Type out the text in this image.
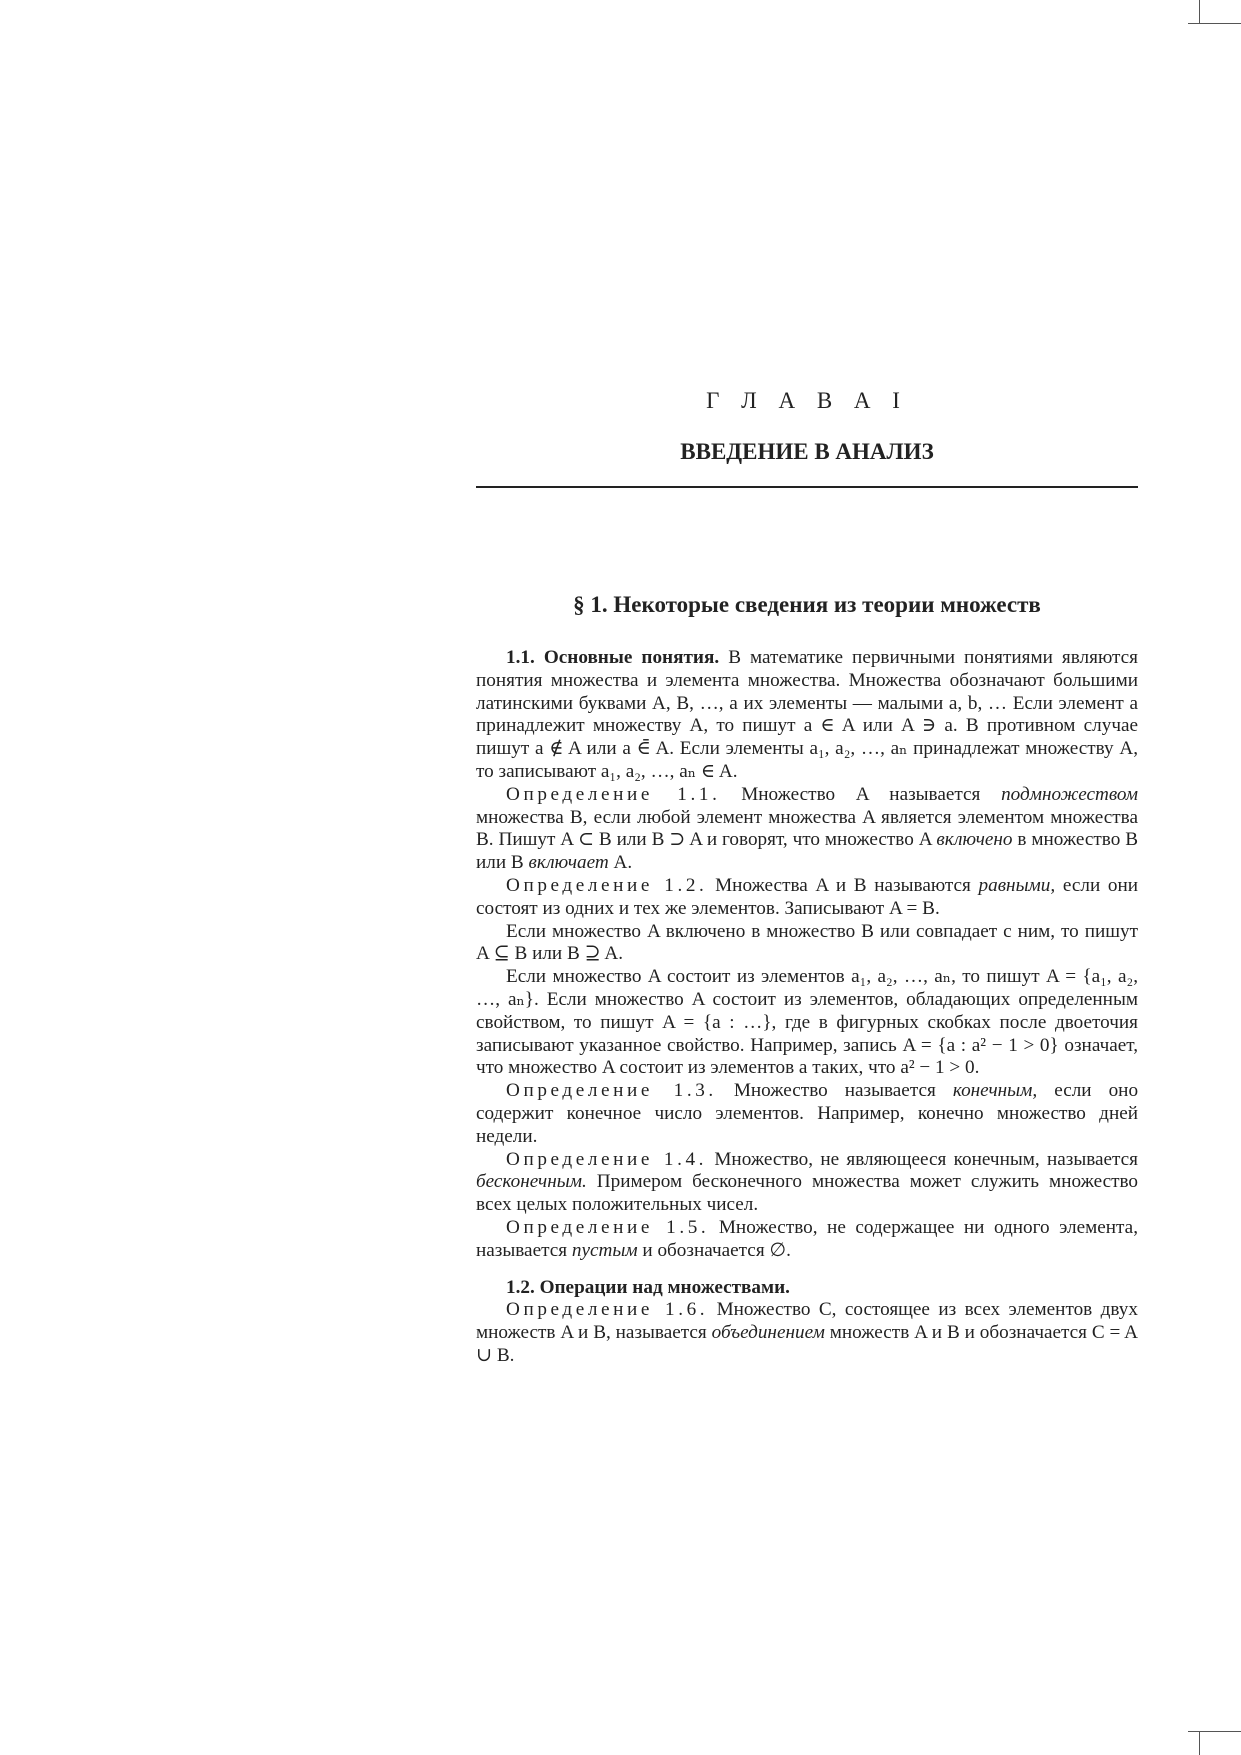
Г Л А В А I
ВВЕДЕНИЕ В АНАЛИЗ
§ 1. Некоторые сведения из теории множеств

1.1. Основные понятия. В математике первичными понятиями являются понятия множества и элемента множества. Множества обозначают большими латинскими буквами A, B, …, а их элементы — малыми a, b, … Если элемент a принадлежит множеству A, то пишут a ∈ A или A ∋ a. В противном случае пишут a ∉ A или a ∈̄ A. Если элементы a₁, a₂, …, aₙ принадлежат множеству A, то записывают a₁, a₂, …, aₙ ∈ A.

Определение 1.1. Множество A называется подмножеством множества B, если любой элемент множества A является элементом множества B. Пишут A ⊂ B или B ⊃ A и говорят, что множество A включено в множество B или B включает A.

Определение 1.2. Множества A и B называются равными, если они состоят из одних и тех же элементов. Записывают A = B.

Если множество A включено в множество B или совпадает с ним, то пишут A ⊆ B или B ⊇ A.

Если множество A состоит из элементов a₁, a₂, …, aₙ, то пишут A = {a₁, a₂, …, aₙ}. Если множество A состоит из элементов, обладающих определенным свойством, то пишут A = {a : …}, где в фигурных скобках после двоеточия записывают указанное свойство. Например, запись A = {a : a² − 1 > 0} означает, что множество A состоит из элементов a таких, что a² − 1 > 0.

Определение 1.3. Множество называется конечным, если оно содержит конечное число элементов. Например, конечно множество дней недели.

Определение 1.4. Множество, не являющееся конечным, называется бесконечным. Примером бесконечного множества может служить множество всех целых положительных чисел.

Определение 1.5. Множество, не содержащее ни одного элемента, называется пустым и обозначается ∅.

1.2. Операции над множествами.

Определение 1.6. Множество C, состоящее из всех элементов двух множеств A и B, называется объединением множеств A и B и обозначается C = A ∪ B.
